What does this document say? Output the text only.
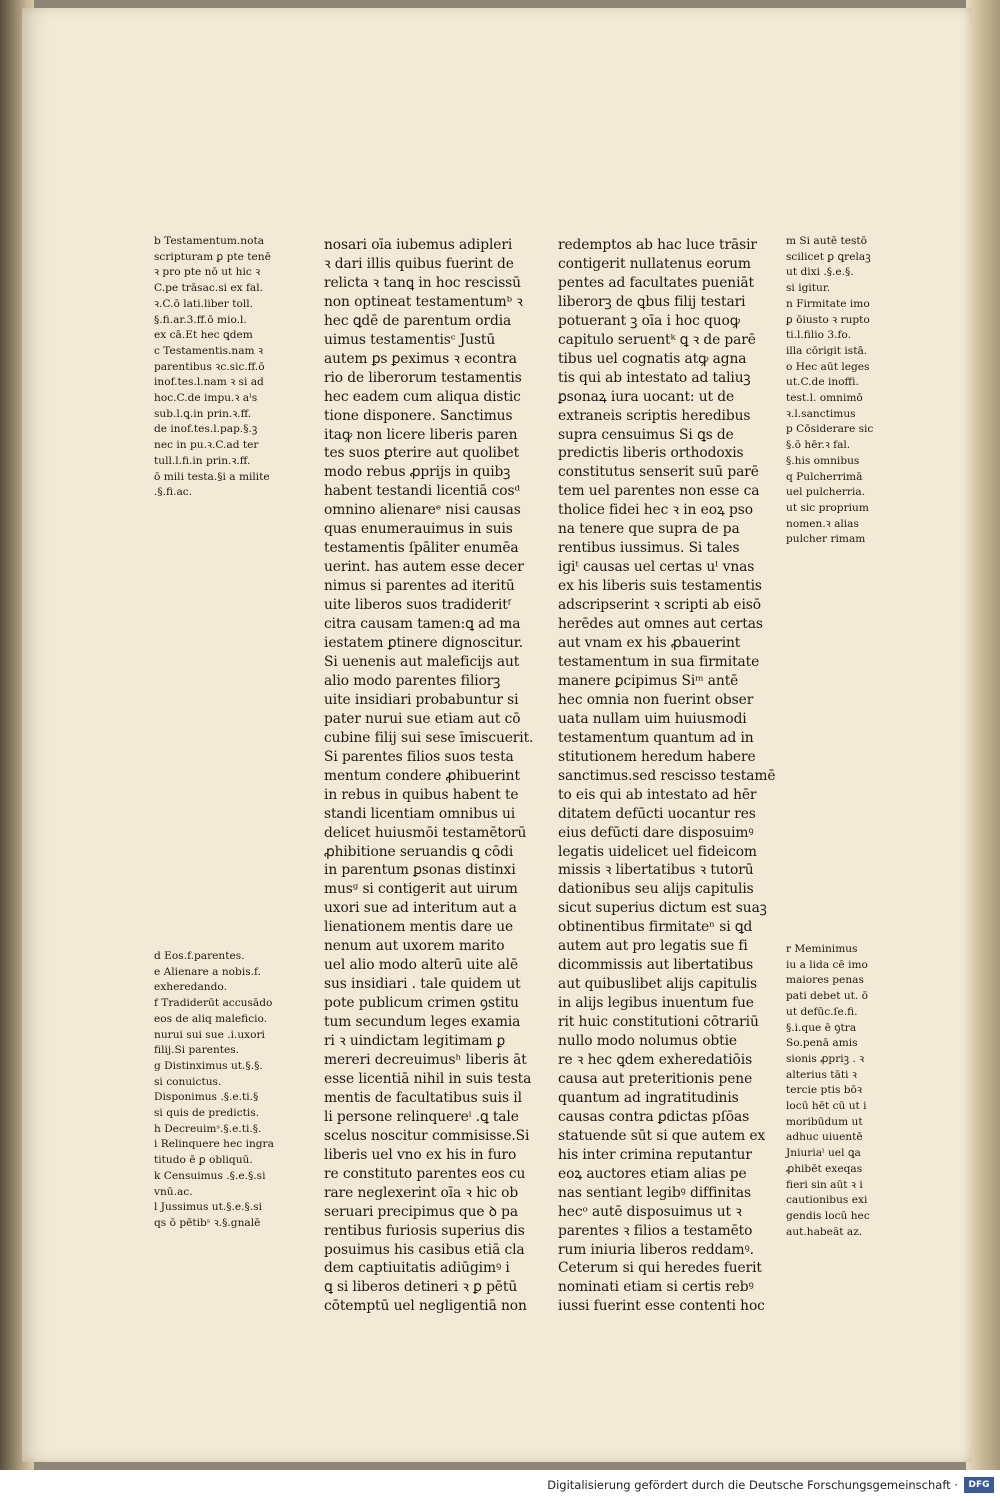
b Testamentum.nota
scripturam ꝑ pte tenē
ꝛ pro pte nō ut hic ꝛ
C.pe trāsac.si ex fal.
ꝛ.C.ō lati.liber toll.
§.fi.ar.3.ff.ō mio.l.
ex cā.Et hec ꝗdem
c Testamentis.nam ꝛ
parentibus ꝛc.sic.ff.ō
inof.tes.l.nam ꝛ si ad
hoc.C.de impu.ꝛ aˡs
sub.l.ꝗ.in prin.ꝛ.ff.
de inof.tes.l.pap.§.ꝫ
nec in pu.ꝛ.C.ad ter
tull.l.fi.in prin.ꝛ.ff.
ō mili testa.§i a milite
.§.fi.ac.
d Eos.f.parentes.
e Alienare a nobis.f.
exheredando.
f Tradiderūt accusādo
eos de aliq maleficio.
nurui sui sue .i.uxori
filij.Si parentes.
g Distinximus ut.§.§.
si conuictus.
Disponimus .§.e.ti.§
si quis de predictis.
h Decreuimˢ.§.e.ti.§.
i Relinquere hec ingra
titudo ē ꝑ obliquū.
k Censuimus .§.e.§.si
vnū.ac.
l Jussimus ut.§.e.§.si
qs ō pētibˢ ꝛ.§.gnalē
nosari oīa iubemus adipleri
ꝛ dari illis quibus fuerint de
relicta ꝛ tanꝗ in hoc rescissū
non optineat testamentumᵇ ꝛ
hec ꝗdē de parentum ordia
uimus testamentisᶜ Justū
autem ꝑs ꝑeximus ꝛ econtra
rio de liberorum testamentis
hec eadem cum aliqua distic
tione disponere. Sanctimus
itaꝙ non licere liberis paren
tes suos ꝑterire aut quolibet
modo rebus ꝓprijs in quibꝫ
habent testandi licentiā cosᵈ
omnino alienareᵉ nisi causas
quas enumerauimus in suis
testamentis ſpāliter enumēa
uerint. has autem esse decer
nimus si parentes ad iteritū
uite liberos suos tradideritᶠ
citra causam tamen:ꝗ ad ma
iestatem ꝑtinere dignoscitur.
Si uenenis aut maleficijs aut
alio modo parentes filiorꝫ
uite insidiari probabuntur si
pater nurui sue etiam aut cō
cubine filij sui sese īmiscuerit.
Si parentes filios suos testa
mentum condere ꝓhibuerint
in rebus in quibus habent te
standi licentiam omnibus ui
delicet huiusmōi testamētorū
ꝓhibitione seruandis ꝗ cōdi
in parentum ꝑsonas distinxi
musᵍ si contigerit aut uirum
uxori sue ad interitum aut a
lienationem mentis dare ue
nenum aut uxorem marito
uel alio modo alterū uite alē
sus insidiari . tale quidem ut
pote publicum crimen ꝯstitu
tum secundum leges examia
ri ꝛ uindictam legitimam ꝑ
mereri decreuimusʰ liberis āt
esse licentiā nihil in suis testa
mentis de facultatibus suis il
li persone relinquereⁱ .ꝗ tale
scelus noscitur commisisse.Si
liberis uel vno ex his in furo
re constituto parentes eos cu
rare neglexerint oīa ꝛ hic ob
seruari precipimus que ꝺ pa
rentibus furiosis superius dis
posuimus his casibus etiā cla
dem captiuitatis adiūgimꝰ i
ꝗ si liberos detineri ꝛ ꝑ pētū
cōtemptū uel negligentiā non
redemptos ab hac luce trāsir
contigerit nullatenus eorum
pentes ad facultates pueniāt
liberorꝫ de ꝗbus filij testari
potuerant ꝫ oīa i hoc quoꝙ
capitulo seruentᵏ ꝗ ꝛ de parē
tibus uel cognatis atꝙ agna
tis qui ab intestato ad taliuꝫ
ꝑsonaꝝ iura uocant: ut de
extraneis scriptis heredibus
supra censuimus Si ꝗs de
predictis liberis orthodoxis
constitutus senserit suū parē
tem uel parentes non esse ca
tholice fidei hec ꝛ in eoꝝ pso
na tenere que supra de pa
rentibus iussimus. Si tales
igiᵗ causas uel certas uˡ vnas
ex his liberis suis testamentis
adscripserint ꝛ scripti ab eisō
herēdes aut omnes aut certas
aut vnam ex his ꝓbauerint
testamentum in sua firmitate
manere ꝑcipimus Siᵐ antē
hec omnia non fuerint obser
uata nullam uim huiusmodi
testamentum quantum ad in
stitutionem heredum habere
sanctimus.sed rescisso testamē
to eis qui ab intestato ad hēr
ditatem defūcti uocantur res
eius defūcti dare disposuimꝰ
legatis uidelicet uel fideicom
missis ꝛ libertatibus ꝛ tutorū
dationibus seu alijs capitulis
sicut superius dictum est suaꝫ
obtinentibus firmitateⁿ si ꝗd
autem aut pro legatis sue fi
dicommissis aut libertatibus
aut quibuslibet alijs capitulis
in alijs legibus inuentum fue
rit huic constitutioni cōtrariū
nullo modo nolumus obtie
re ꝛ hec ꝗdem exheredatiōis
causa aut preteritionis pene
quantum ad ingratitudinis
causas contra ꝑdictas pſōas
statuende sūt si que autem ex
his inter crimina reputantur
eoꝝ auctores etiam alias pe
nas sentiant legibꝰ diffinitas
hecᵒ autē disposuimus ut ꝛ
parentes ꝛ filios a testamēto
rum iniuria liberos reddamꝰ.
Ceterum si qui heredes fuerit
nominati etiam si certis rebꝰ
iussi fuerint esse contenti hoc
m Si autē testō
scilicet ꝑ ꝗrelaꝫ
ut dixi .§.e.§.
si igitur.
n Firmitate imo
ꝑ ōiusto ꝛ rupto
ti.l.filio 3.fo.
illa cōrigit istā.
o Hec aūt leges
ut.C.de inoffi.
test.l. omnimō
ꝛ.l.sanctimus
p Cōsiderare sic
§.ō hēr.ꝛ fal.
§.his omnibus
q Pulcherrimā
uel pulcherria.
ut sic proprium
nomen.ꝛ alias
pulcher rimam
r Meminimus
iu a lida cē imo
maiores penas
pati debet ut. ō
ut defūc.ſe.fi.
§.i.que ē ꝯtra
So.penā amis
sionis ꝓpriꝫ . ꝛ
alterius tāti ꝛ
tercie ptis bōꝛ
locū hēt cū ut i
moribūdum ut
adhuc uiuentē
Jniuriaˡ uel ꝗa
ꝓhibēt exeqas
fieri sin aūt ꝛ i
cautionibus exi
gendis locū hec
aut.habeāt az.
Digitalisierung gefördert durch die Deutsche Forschungsgemeinschaft ·	DFG
